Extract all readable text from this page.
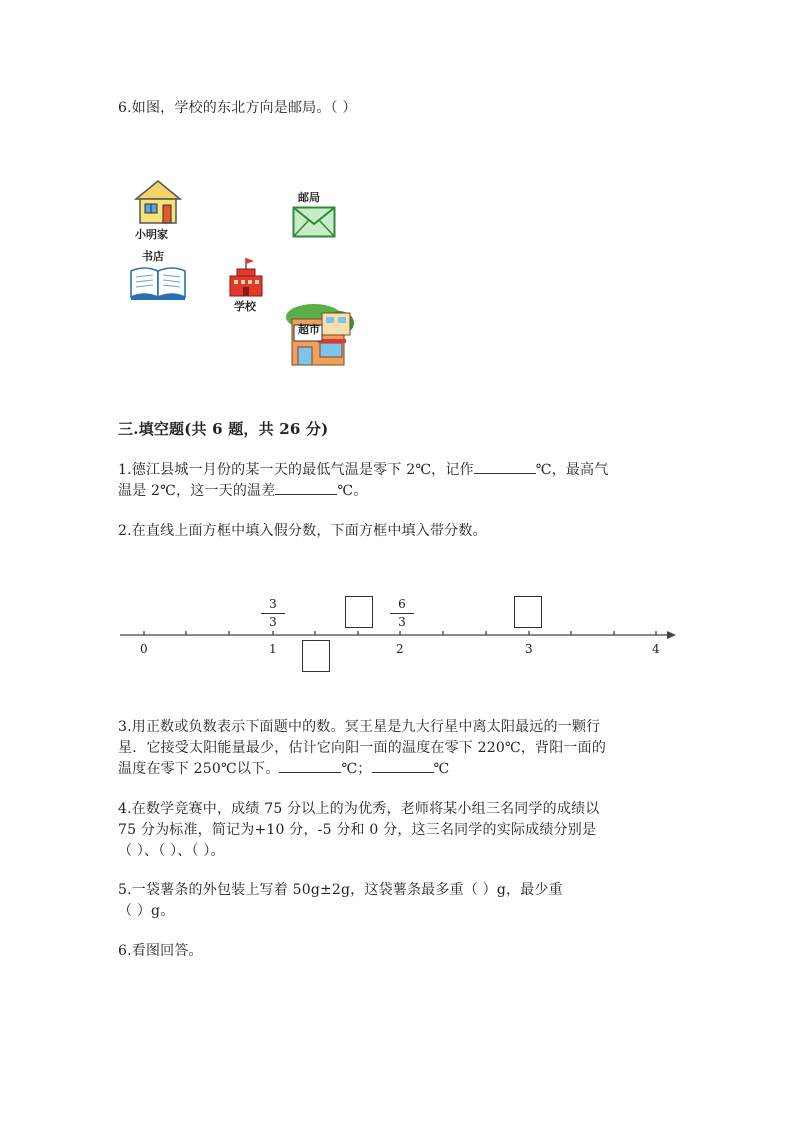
6.如图，学校的东北方向是邮局。（ ）
小明家
邮局
书店
学校
超市
三.填空题(共 6 题，共 26 分)
1.德江县城一月份的某一天的最低气温是零下 2℃，记作	℃，最高气
温是 2℃，这一天的温差	℃。
2.在直线上面方框中填入假分数，下面方框中填入带分数。
0	1	2	3	4
3
3
6
3
3.用正数或负数表示下面题中的数。冥王星是九大行星中离太阳最远的一颗行
星．它接受太阳能量最少，估计它向阳一面的温度在零下 220℃，背阳一面的
温度在零下 250℃以下。	℃；	℃
4.在数学竞赛中，成绩 75 分以上的为优秀，老师将某小组三名同学的成绩以
75 分为标准，简记为+10 分，-5 分和 0 分，这三名同学的实际成绩分别是
（ ）、（ ）、（ ）。
5.一袋薯条的外包装上写着 50g±2g，这袋薯条最多重（ ）g，最少重
（ ）g。
6.看图回答。
